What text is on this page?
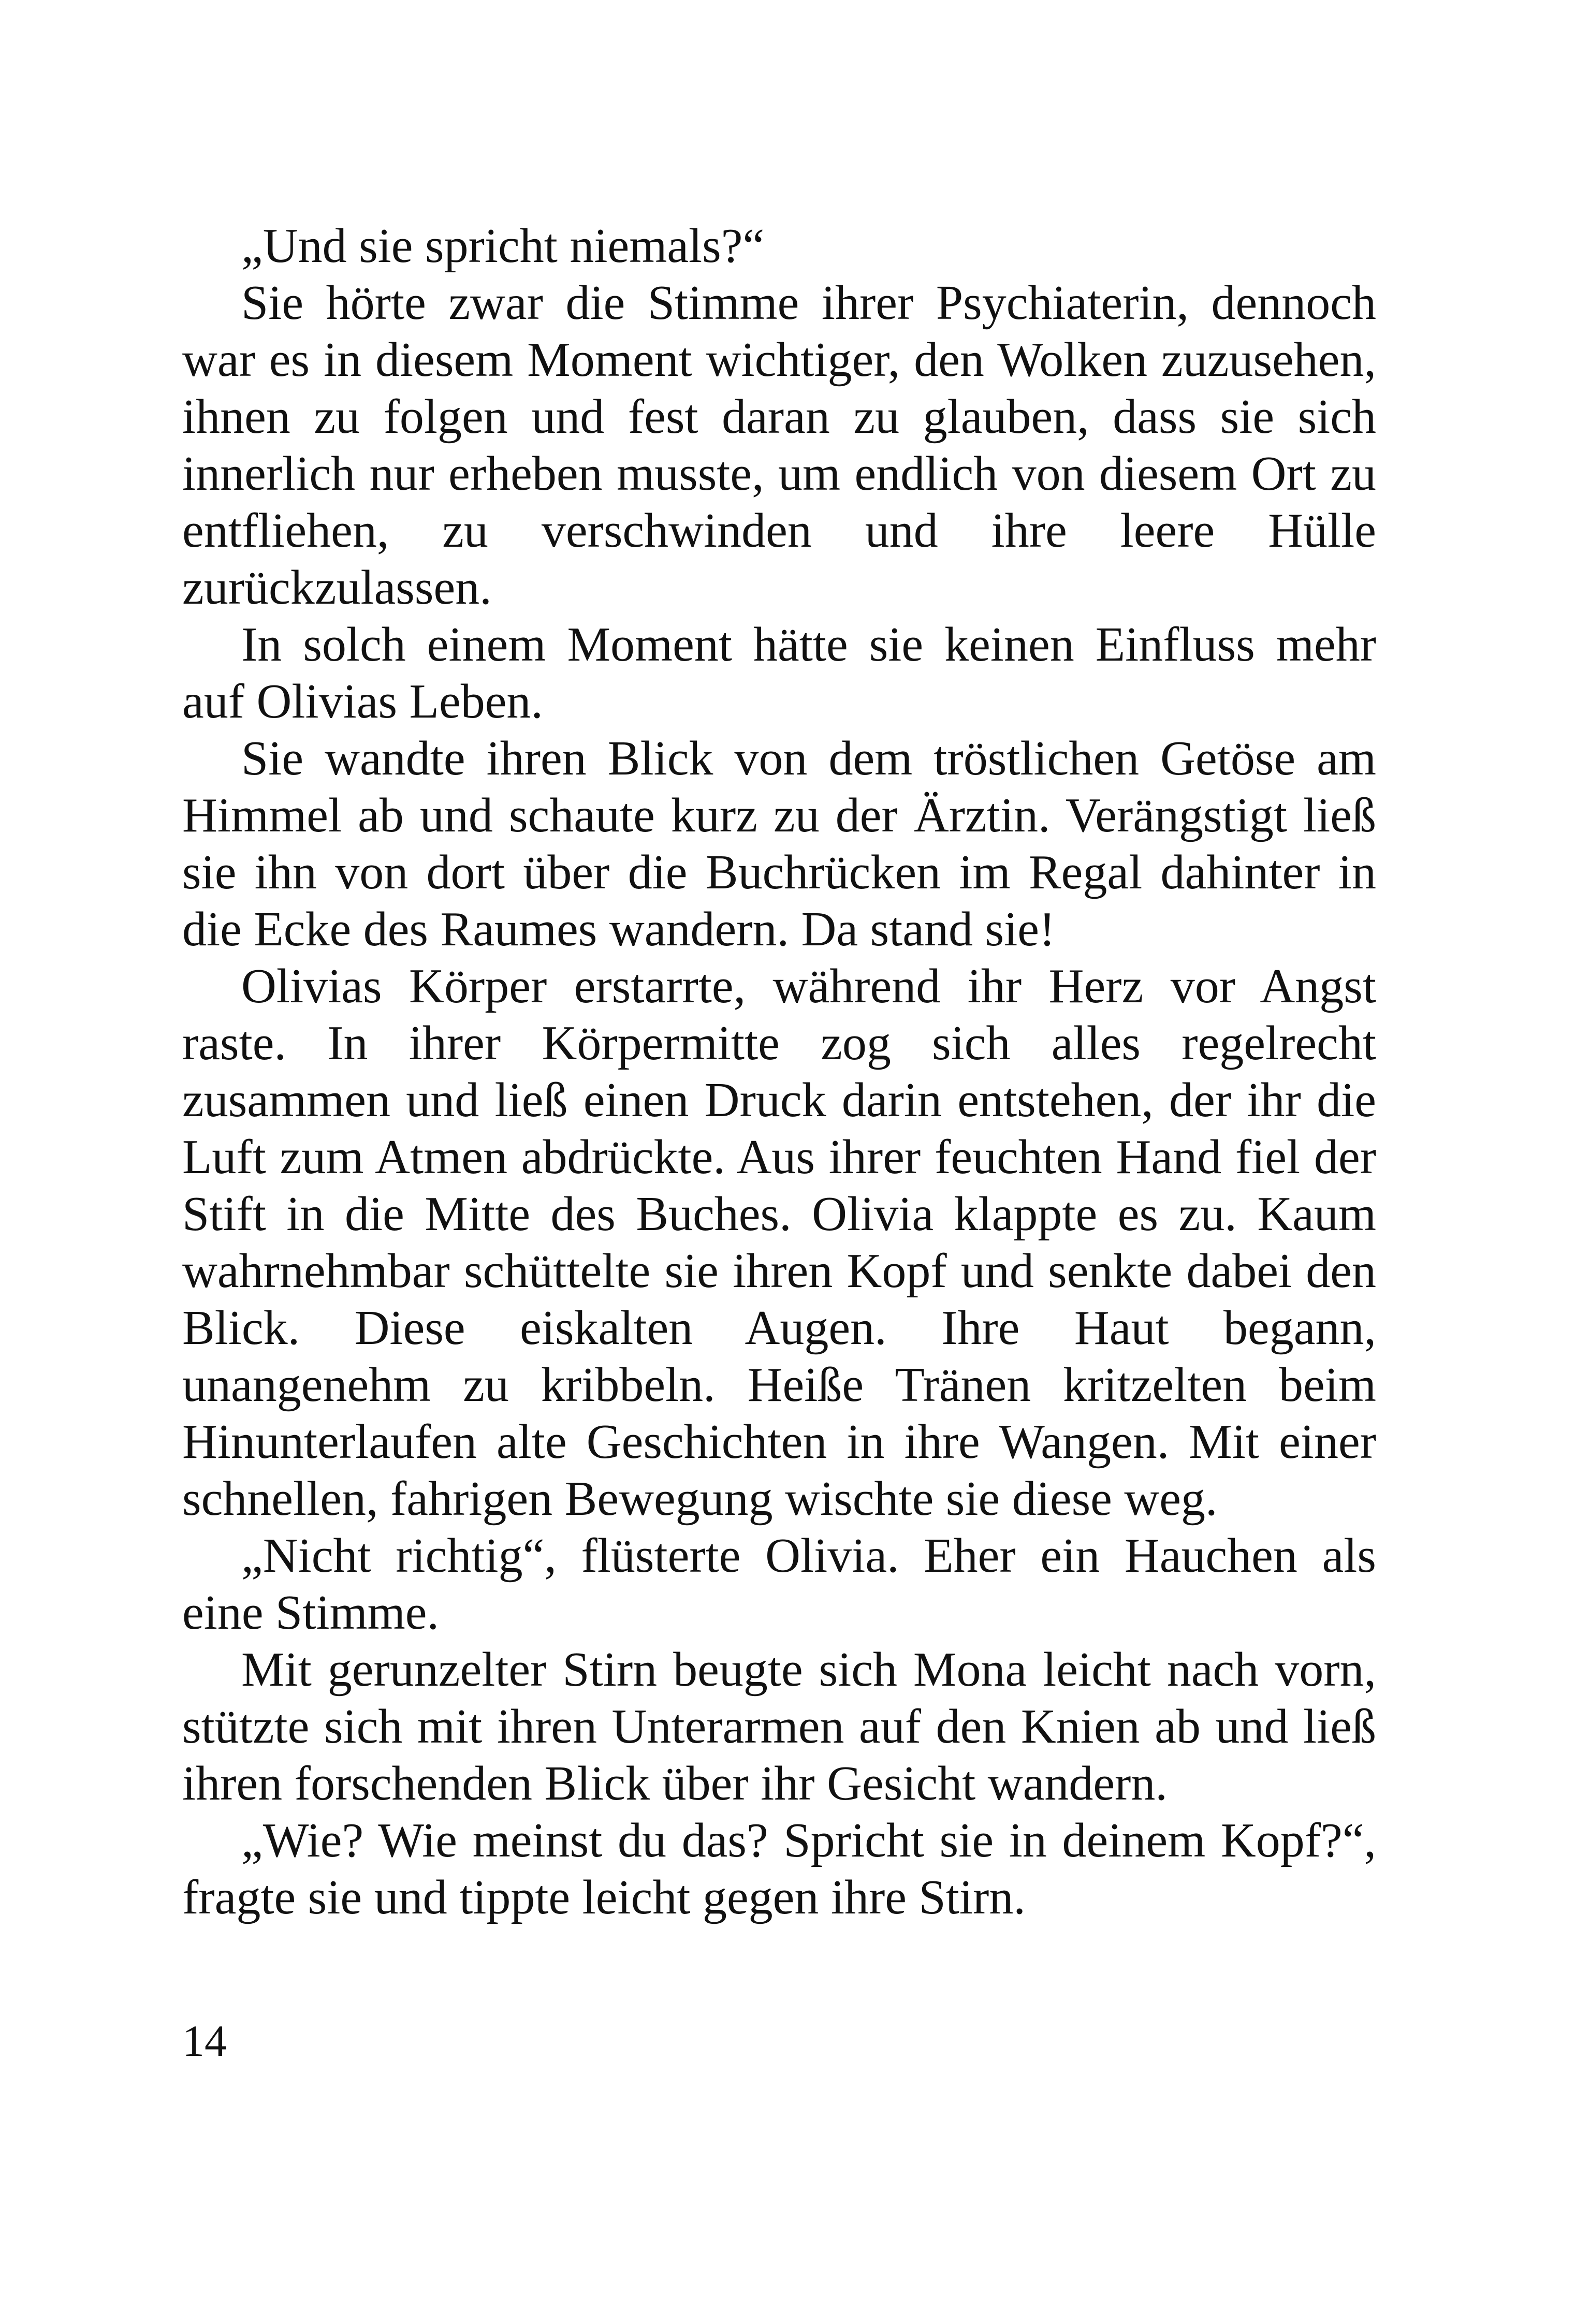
„Und sie spricht niemals?“

Sie hörte zwar die Stimme ihrer Psychiaterin, dennoch war es in diesem Moment wichtiger, den Wolken zuzusehen, ihnen zu folgen und fest daran zu glauben, dass sie sich innerlich nur erheben musste, um endlich von diesem Ort zu entfliehen, zu verschwinden und ihre leere Hülle zurückzulassen.

In solch einem Moment hätte sie keinen Einfluss mehr auf Olivias Leben.

Sie wandte ihren Blick von dem tröstlichen Getöse am Himmel ab und schaute kurz zu der Ärztin. Verängstigt ließ sie ihn von dort über die Buchrücken im Regal dahinter in die Ecke des Raumes wandern. Da stand sie!

Olivias Körper erstarrte, während ihr Herz vor Angst raste. In ihrer Körpermitte zog sich alles regelrecht zusammen und ließ einen Druck darin entstehen, der ihr die Luft zum Atmen abdrückte. Aus ihrer feuchten Hand fiel der Stift in die Mitte des Buches. Olivia klappte es zu. Kaum wahrnehmbar schüttelte sie ihren Kopf und senkte dabei den Blick. Diese eiskalten Augen. Ihre Haut begann, unangenehm zu kribbeln. Heiße Tränen kritzelten beim Hinunterlaufen alte Geschichten in ihre Wangen. Mit einer schnellen, fahrigen Bewegung wischte sie diese weg.

„Nicht richtig“, flüsterte Olivia. Eher ein Hauchen als eine Stimme.

Mit gerunzelter Stirn beugte sich Mona leicht nach vorn, stützte sich mit ihren Unterarmen auf den Knien ab und ließ ihren forschenden Blick über ihr Gesicht wandern.

„Wie? Wie meinst du das? Spricht sie in deinem Kopf?“, fragte sie und tippte leicht gegen ihre Stirn.

14
